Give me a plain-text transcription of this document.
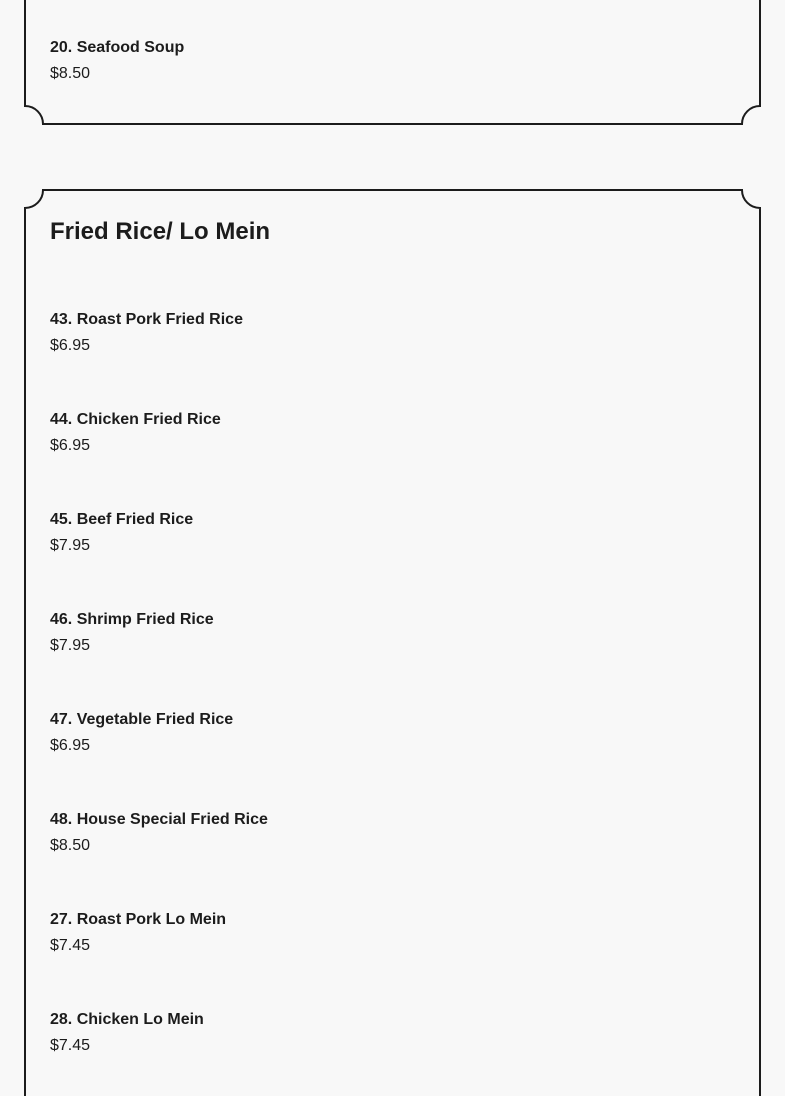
20. Seafood Soup
$8.50
Fried Rice/ Lo Mein
43. Roast Pork Fried Rice
$6.95
44. Chicken Fried Rice
$6.95
45. Beef Fried Rice
$7.95
46. Shrimp Fried Rice
$7.95
47. Vegetable Fried Rice
$6.95
48. House Special Fried Rice
$8.50
27. Roast Pork Lo Mein
$7.45
28. Chicken Lo Mein
$7.45
